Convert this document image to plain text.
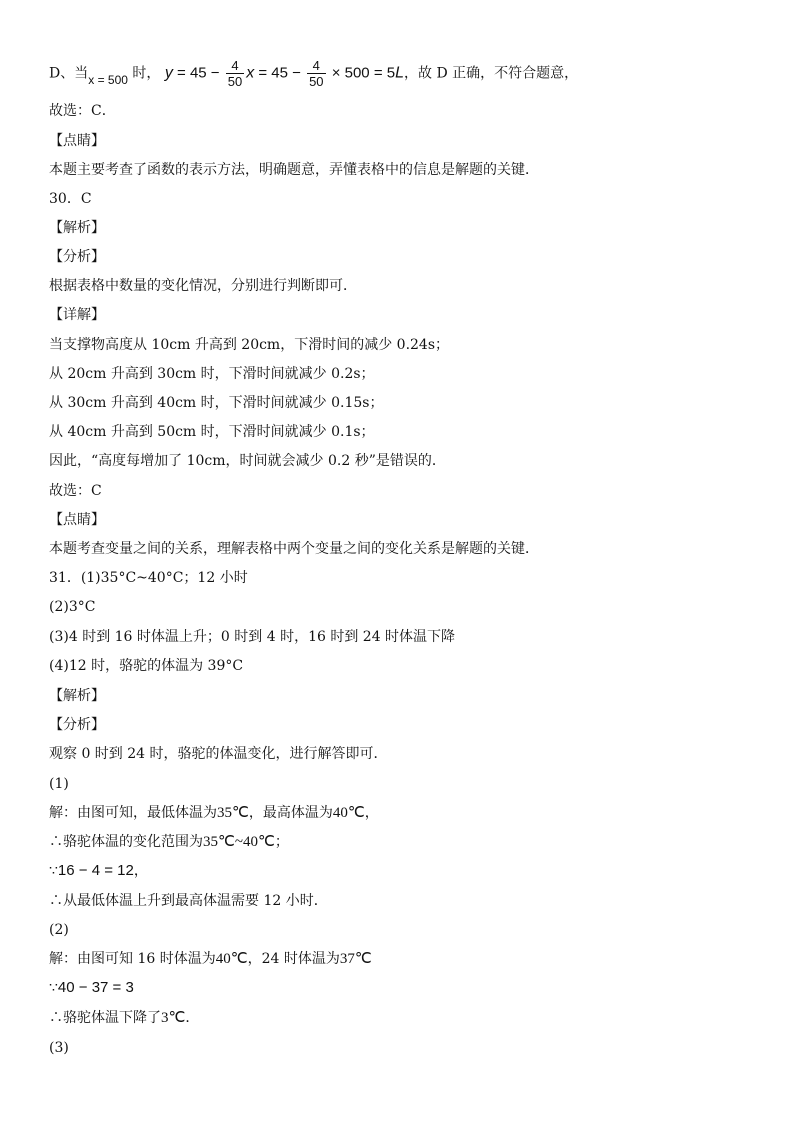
D、当x = 500 时， $y = 45 - \frac{4}{50}$ $x = 45 - \frac{4}{50} \times 500 = 5L$，故 D 正确，不符合题意，
故选：C．
【点睛】
本题主要考查了函数的表示方法，明确题意，弄懂表格中的信息是解题的关键．
30．C
【解析】
【分析】
根据表格中数量的变化情况，分别进行判断即可．
【详解】
当支撑物高度从 10cm 升高到 20cm，下滑时间的减少 0.24s；
从 20cm 升高到 30cm 时，下滑时间就减少 0.2s；
从 30cm 升高到 40cm 时，下滑时间就减少 0.15s；
从 40cm 升高到 50cm 时，下滑时间就减少 0.1s；
因此，“高度每增加了 10cm，时间就会减少 0.2 秒”是错误的．
故选：C
【点睛】
本题考查变量之间的关系，理解表格中两个变量之间的变化关系是解题的关键．
31．(1)35°C~40°C；12 小时
(2)3°C
(3)4 时到 16 时体温上升；0 时到 4 时，16 时到 24 时体温下降
(4)12 时，骆驼的体温为 39°C
【解析】
【分析】
观察 0 时到 24 时，骆驼的体温变化，进行解答即可．
(1)
解：由图可知，最低体温为35℃，最高体温为40℃，
∴骆驼体温的变化范围为35℃~40℃；
∵16 − 4 = 12，
∴从最低体温上升到最高体温需要 12 小时．
(2)
解：由图可知 16 时体温为40℃，24 时体温为37℃
∵40 − 37 = 3
∴骆驼体温下降了3℃．
(3)
